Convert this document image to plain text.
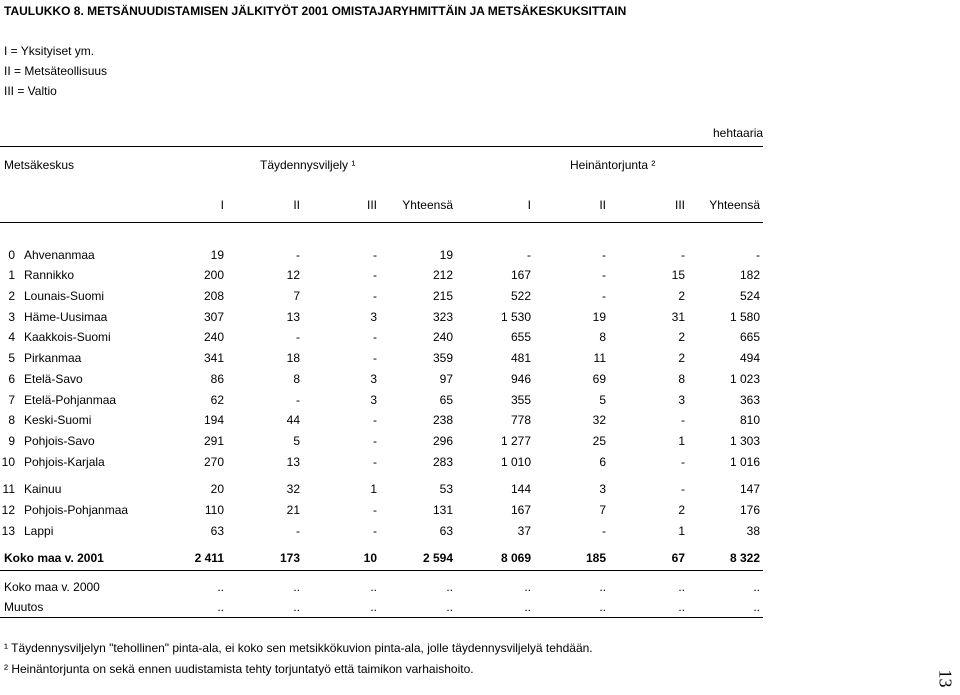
TAULUKKO 8. METSÄNUUDISTAMISEN JÄLKITYÖT 2001 OMISTAJARYHMITTÄIN JA METSÄKESKUKSITTAIN
I = Yksityiset ym.
II = Metsäteollisuus
III = Valtio
hehtaaria
Metsäkeskus	Täydennysviljely ¹	Heinäntorjunta ²
I	II	III	Yhteensä	I	II	III	Yhteensä
0 Ahvenanmaa	19	-	-	19	-	-	-	-
1 Rannikko	200	12	-	212	167	-	15	182
2 Lounais-Suomi	208	7	-	215	522	-	2	524
3 Häme-Uusimaa	307	13	3	323	1 530	19	31	1 580
4 Kaakkois-Suomi	240	-	-	240	655	8	2	665
5 Pirkanmaa	341	18	-	359	481	11	2	494
6 Etelä-Savo	86	8	3	97	946	69	8	1 023
7 Etelä-Pohjanmaa	62	-	3	65	355	5	3	363
8 Keski-Suomi	194	44	-	238	778	32	-	810
9 Pohjois-Savo	291	5	-	296	1 277	25	1	1 303
10 Pohjois-Karjala	270	13	-	283	1 010	6	-	1 016
11 Kainuu	20	32	1	53	144	3	-	147
12 Pohjois-Pohjanmaa	110	21	-	131	167	7	2	176
13 Lappi	63	-	-	63	37	-	1	38
Koko maa v. 2001	2 411	173	10	2 594	8 069	185	67	8 322
Koko maa v. 2000	..	..	..	..	..	..	..	..
Muutos	..	..	..	..	..	..	..	..
¹ Täydennysviljelyn "tehollinen" pinta-ala, ei koko sen metsikkökuvion pinta-ala, jolle täydennysviljelyä tehdään.
² Heinäntorjunta on sekä ennen uudistamista tehty torjuntatyö että taimikon varhaishoito.
13
